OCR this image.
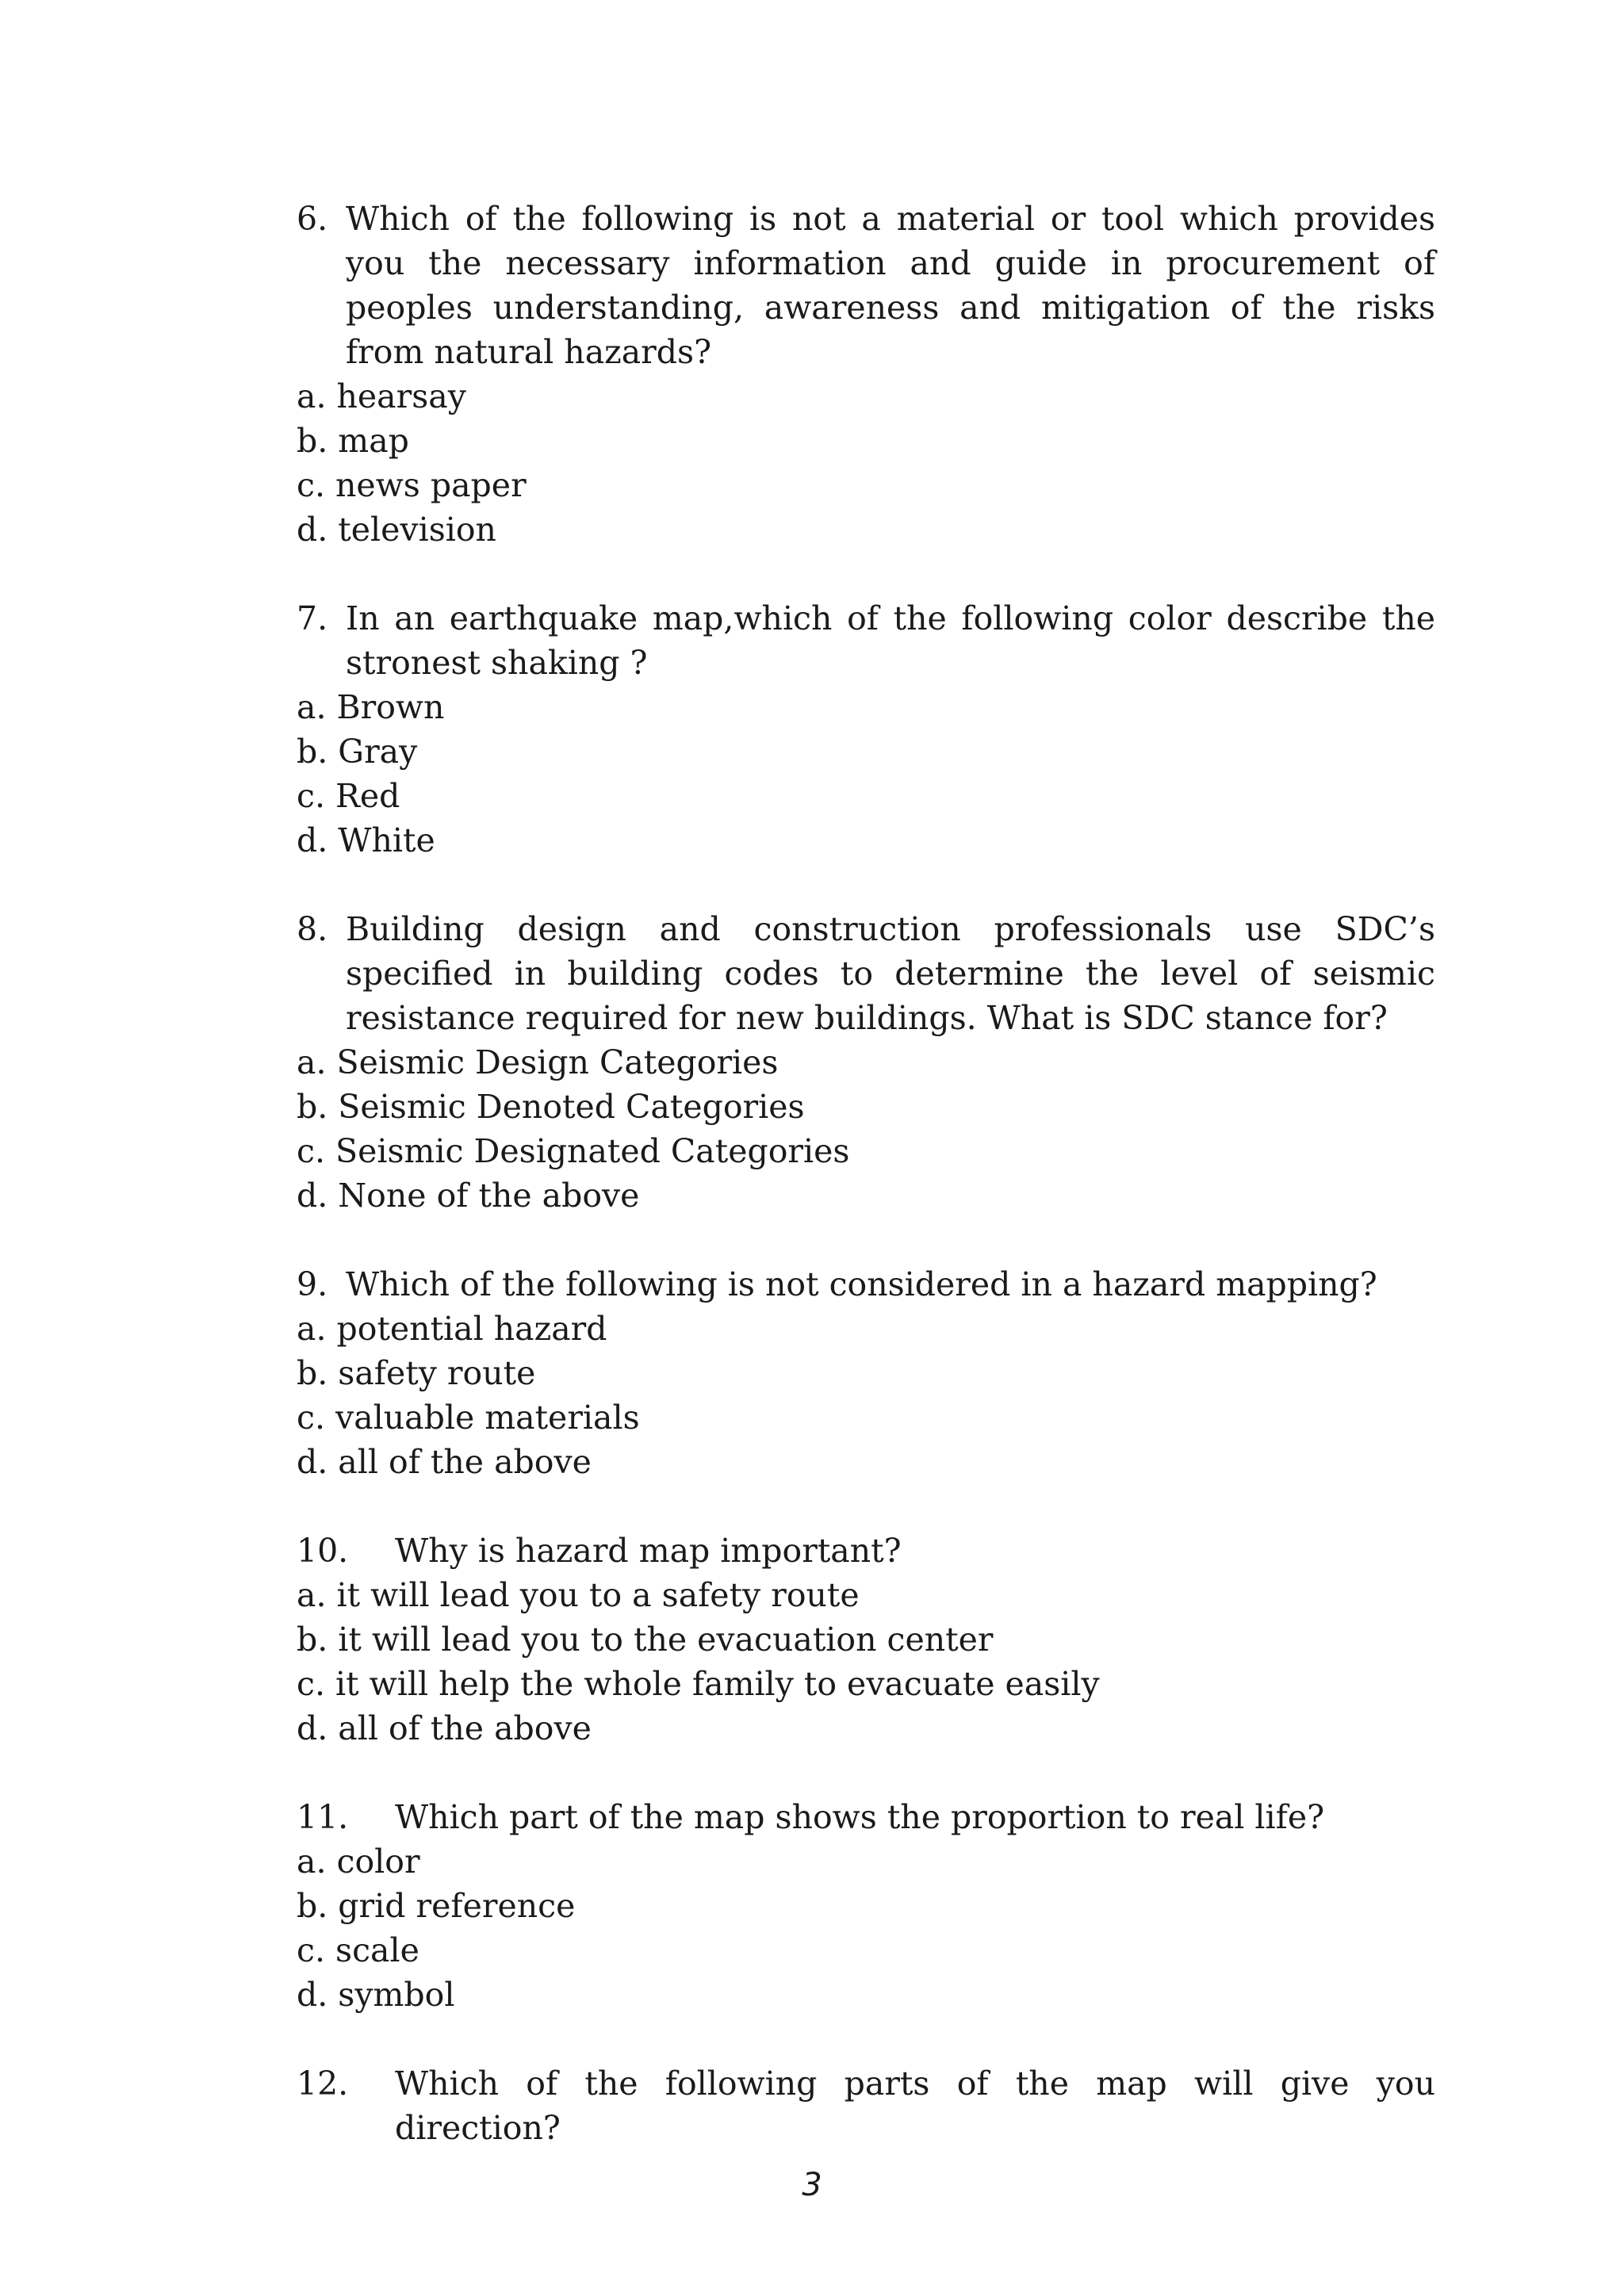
6. Which of the following is not a material or tool which provides you the necessary information and guide in procurement of peoples understanding, awareness and mitigation of the risks from natural hazards?
a. hearsay
b. map
c. news paper
d. television
7. In an earthquake map,which of the following color describe the stronest shaking ?
a. Brown
b. Gray
c. Red
d. White
8. Building design and construction professionals use SDC’s specified in building codes to determine the level of seismic resistance required for new buildings. What is SDC stance for?
a. Seismic Design Categories
b. Seismic Denoted Categories
c. Seismic Designated Categories
d. None of the above
9. Which of the following is not considered in a hazard mapping?
a. potential hazard
b. safety route
c. valuable materials
d. all of the above
10.	Why is hazard map important?
a. it will lead you to a safety route
b. it will lead you to the evacuation center
c. it will help the whole family to evacuate easily
d. all of the above
11.	Which part of the map shows the proportion to real life?
a. color
b. grid reference
c. scale
d. symbol
12.	Which of the following parts of the map will give you direction?
3
